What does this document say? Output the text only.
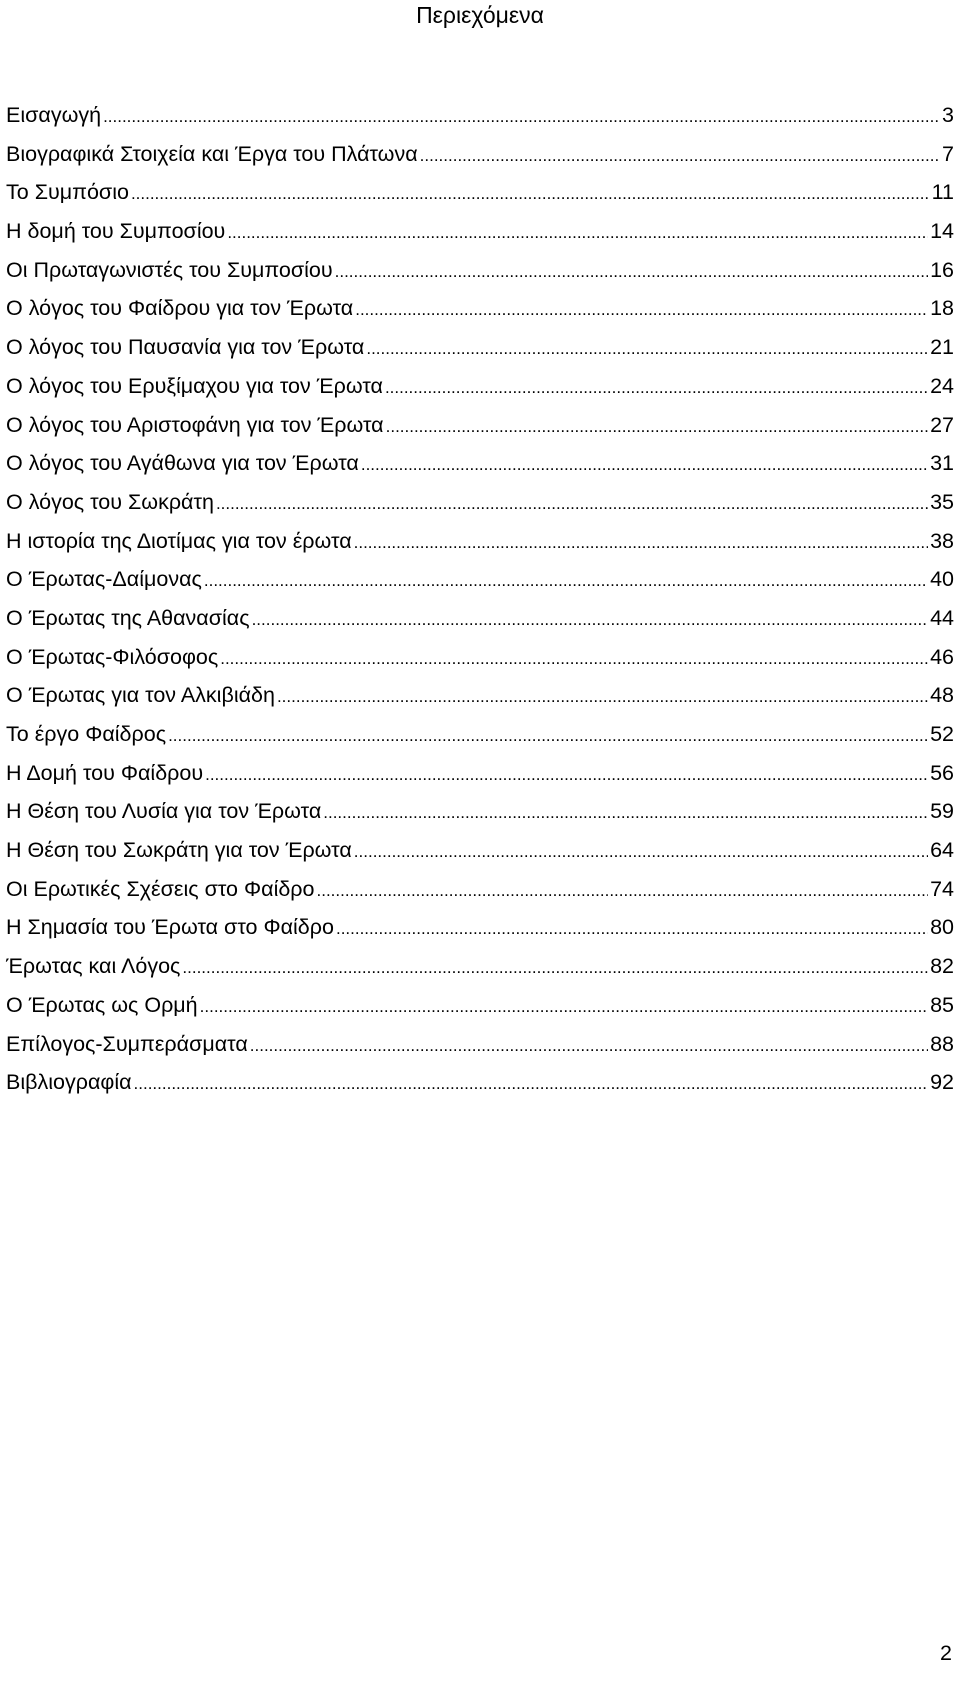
Περιεχόμενα
Εισαγωγή .....	3
Βιογραφικά Στοιχεία και Έργα του Πλάτωνα .....	7
Το Συμπόσιο .....	11
Η δομή του Συμποσίου .....	14
Οι Πρωταγωνιστές του Συμποσίου .....	16
Ο λόγος του Φαίδρου για τον Έρωτα .....	18
Ο λόγος του Παυσανία για τον Έρωτα .....	21
Ο λόγος του Ερυξίμαχου για τον Έρωτα .....	24
Ο λόγος του Αριστοφάνη για τον Έρωτα .....	27
Ο λόγος του Αγάθωνα για τον Έρωτα .....	31
Ο λόγος του Σωκράτη .....	35
Η ιστορία της Διοτίμας για τον έρωτα .....	38
Ο Έρωτας-Δαίμονας .....	40
Ο Έρωτας της Αθανασίας .....	44
Ο Έρωτας-Φιλόσοφος .....	46
Ο Έρωτας για τον Αλκιβιάδη .....	48
Το έργο Φαίδρος .....	52
Η Δομή του Φαίδρου .....	56
Η Θέση του Λυσία για τον Έρωτα .....	59
Η Θέση του Σωκράτη για τον Έρωτα .....	64
Οι Ερωτικές Σχέσεις στο Φαίδρο .....	74
Η Σημασία του Έρωτα στο Φαίδρο .....	80
Έρωτας και Λόγος .....	82
Ο Έρωτας ως Ορμή .....	85
Επίλογος-Συμπεράσματα .....	88
Βιβλιογραφία .....	92
2
